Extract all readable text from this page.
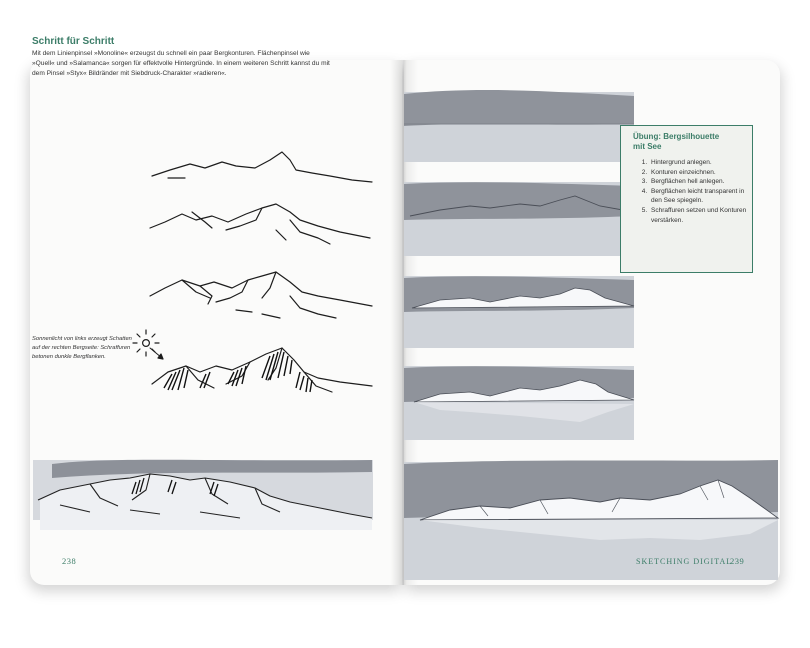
Schritt für Schritt
Mit dem Linienpinsel »Monoline« erzeugst du schnell ein paar Bergkonturen. Flächenpinsel wie »Quell« und »Salamanca« sorgen für effektvolle Hintergründe. In einem weiteren Schritt kannst du mit dem Pinsel »Styx« Bildränder mit Siebdruck-Charakter »radieren«.
Sonnenlicht von links erzeugt Schatten auf der rechten Bergseite: Schraffuren betonen dunkle Bergflanken.
238
Übung: Bergsilhouette mit See
1. Hintergrund anlegen.
2. Konturen einzeichnen.
3. Bergflächen hell anlegen.
4. Bergflächen leicht transparent in den See spiegeln.
5. Schraffuren setzen und Konturen verstärken.
SKETCHING DIGITAL
239
